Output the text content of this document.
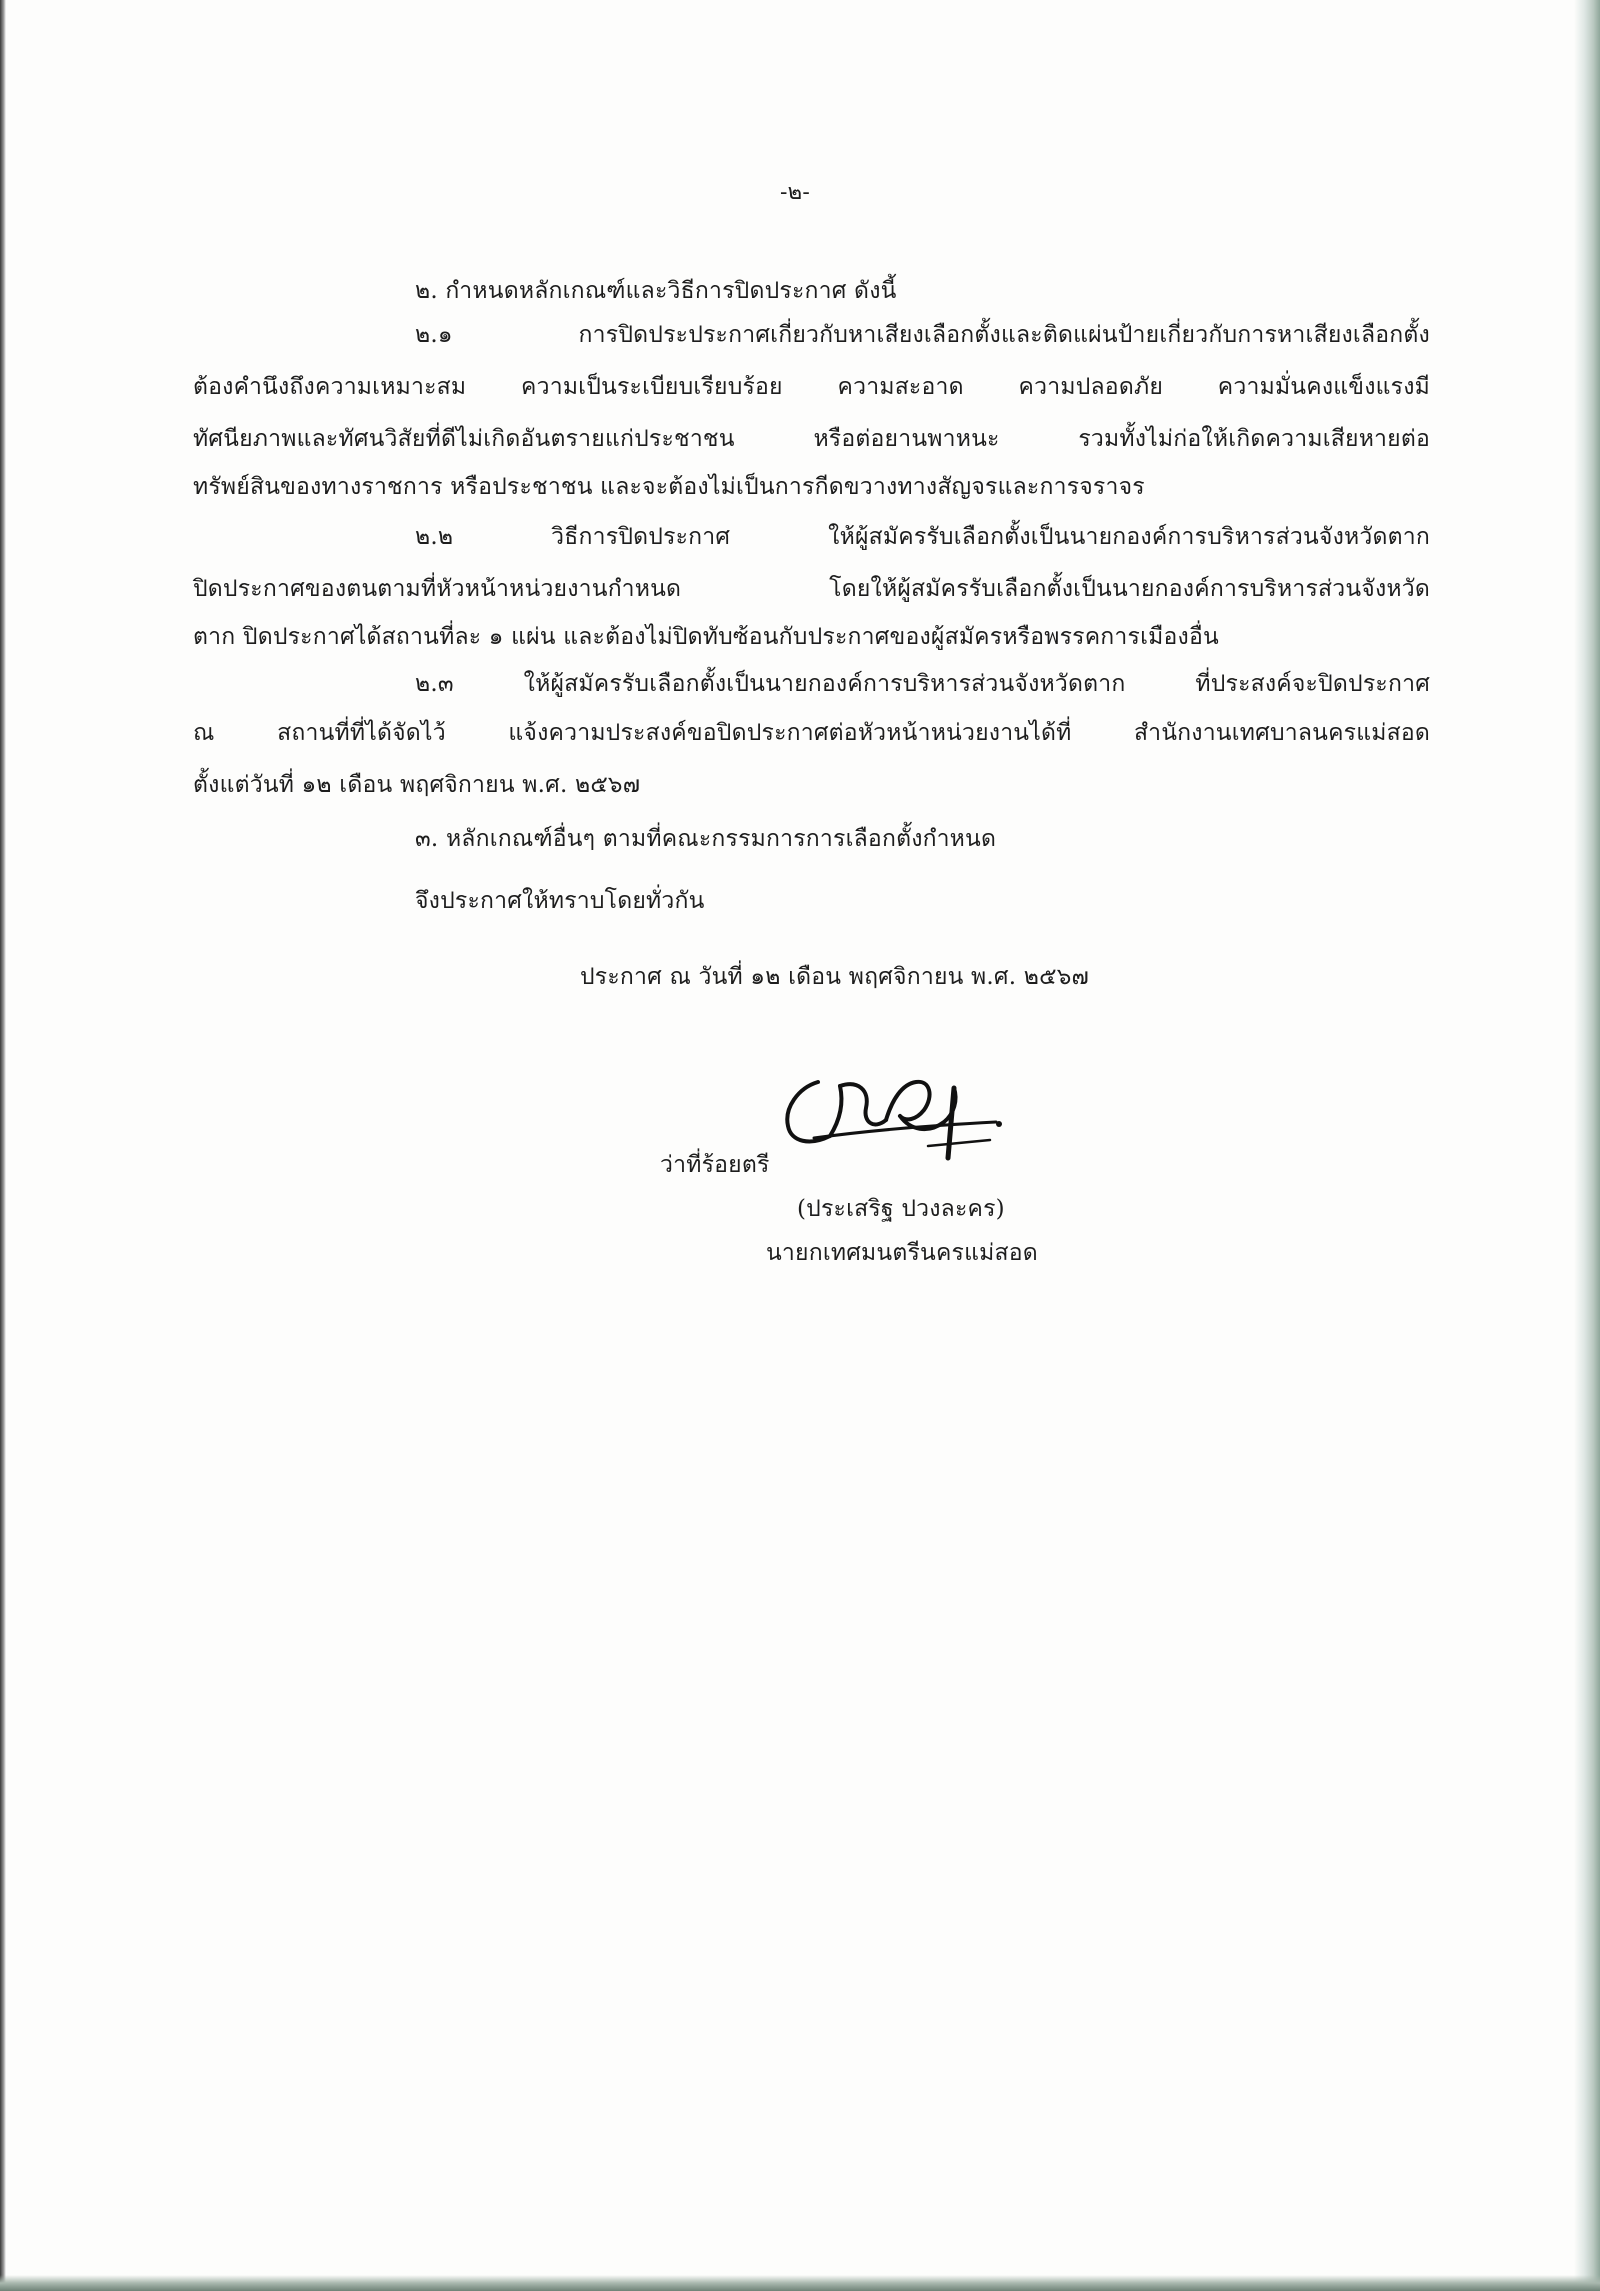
-๒-
๒. กำหนดหลักเกณฑ์และวิธีการปิดประกาศ ดังนี้
๒.๑ การปิดประประกาศเกี่ยวกับหาเสียงเลือกตั้งและติดแผ่นป้ายเกี่ยวกับการหาเสียงเลือกตั้ง
ต้องคำนึงถึงความเหมาะสม ความเป็นระเบียบเรียบร้อย ความสะอาด ความปลอดภัย ความมั่นคงแข็งแรงมี
ทัศนียภาพและทัศนวิสัยที่ดีไม่เกิดอันตรายแก่ประชาชน หรือต่อยานพาหนะ รวมทั้งไม่ก่อให้เกิดความเสียหายต่อ
ทรัพย์สินของทางราชการ หรือประชาชน และจะต้องไม่เป็นการกีดขวางทางสัญจรและการจราจร
๒.๒ วิธีการปิดประกาศ ให้ผู้สมัครรับเลือกตั้งเป็นนายกองค์การบริหารส่วนจังหวัดตาก
ปิดประกาศของตนตามที่หัวหน้าหน่วยงานกำหนด โดยให้ผู้สมัครรับเลือกตั้งเป็นนายกองค์การบริหารส่วนจังหวัด
ตาก ปิดประกาศได้สถานที่ละ ๑ แผ่น และต้องไม่ปิดทับซ้อนกับประกาศของผู้สมัครหรือพรรคการเมืองอื่น
๒.๓ ให้ผู้สมัครรับเลือกตั้งเป็นนายกองค์การบริหารส่วนจังหวัดตาก ที่ประสงค์จะปิดประกาศ
ณ สถานที่ที่ได้จัดไว้ แจ้งความประสงค์ขอปิดประกาศต่อหัวหน้าหน่วยงานได้ที่ สำนักงานเทศบาลนครแม่สอด
ตั้งแต่วันที่ ๑๒ เดือน พฤศจิกายน พ.ศ. ๒๕๖๗
๓. หลักเกณฑ์อื่นๆ ตามที่คณะกรรมการการเลือกตั้งกำหนด
จึงประกาศให้ทราบโดยทั่วกัน
ประกาศ ณ วันที่ ๑๒ เดือน พฤศจิกายน พ.ศ. ๒๕๖๗
ว่าที่ร้อยตรี
(ประเสริฐ ปวงละคร)
นายกเทศมนตรีนครแม่สอด
